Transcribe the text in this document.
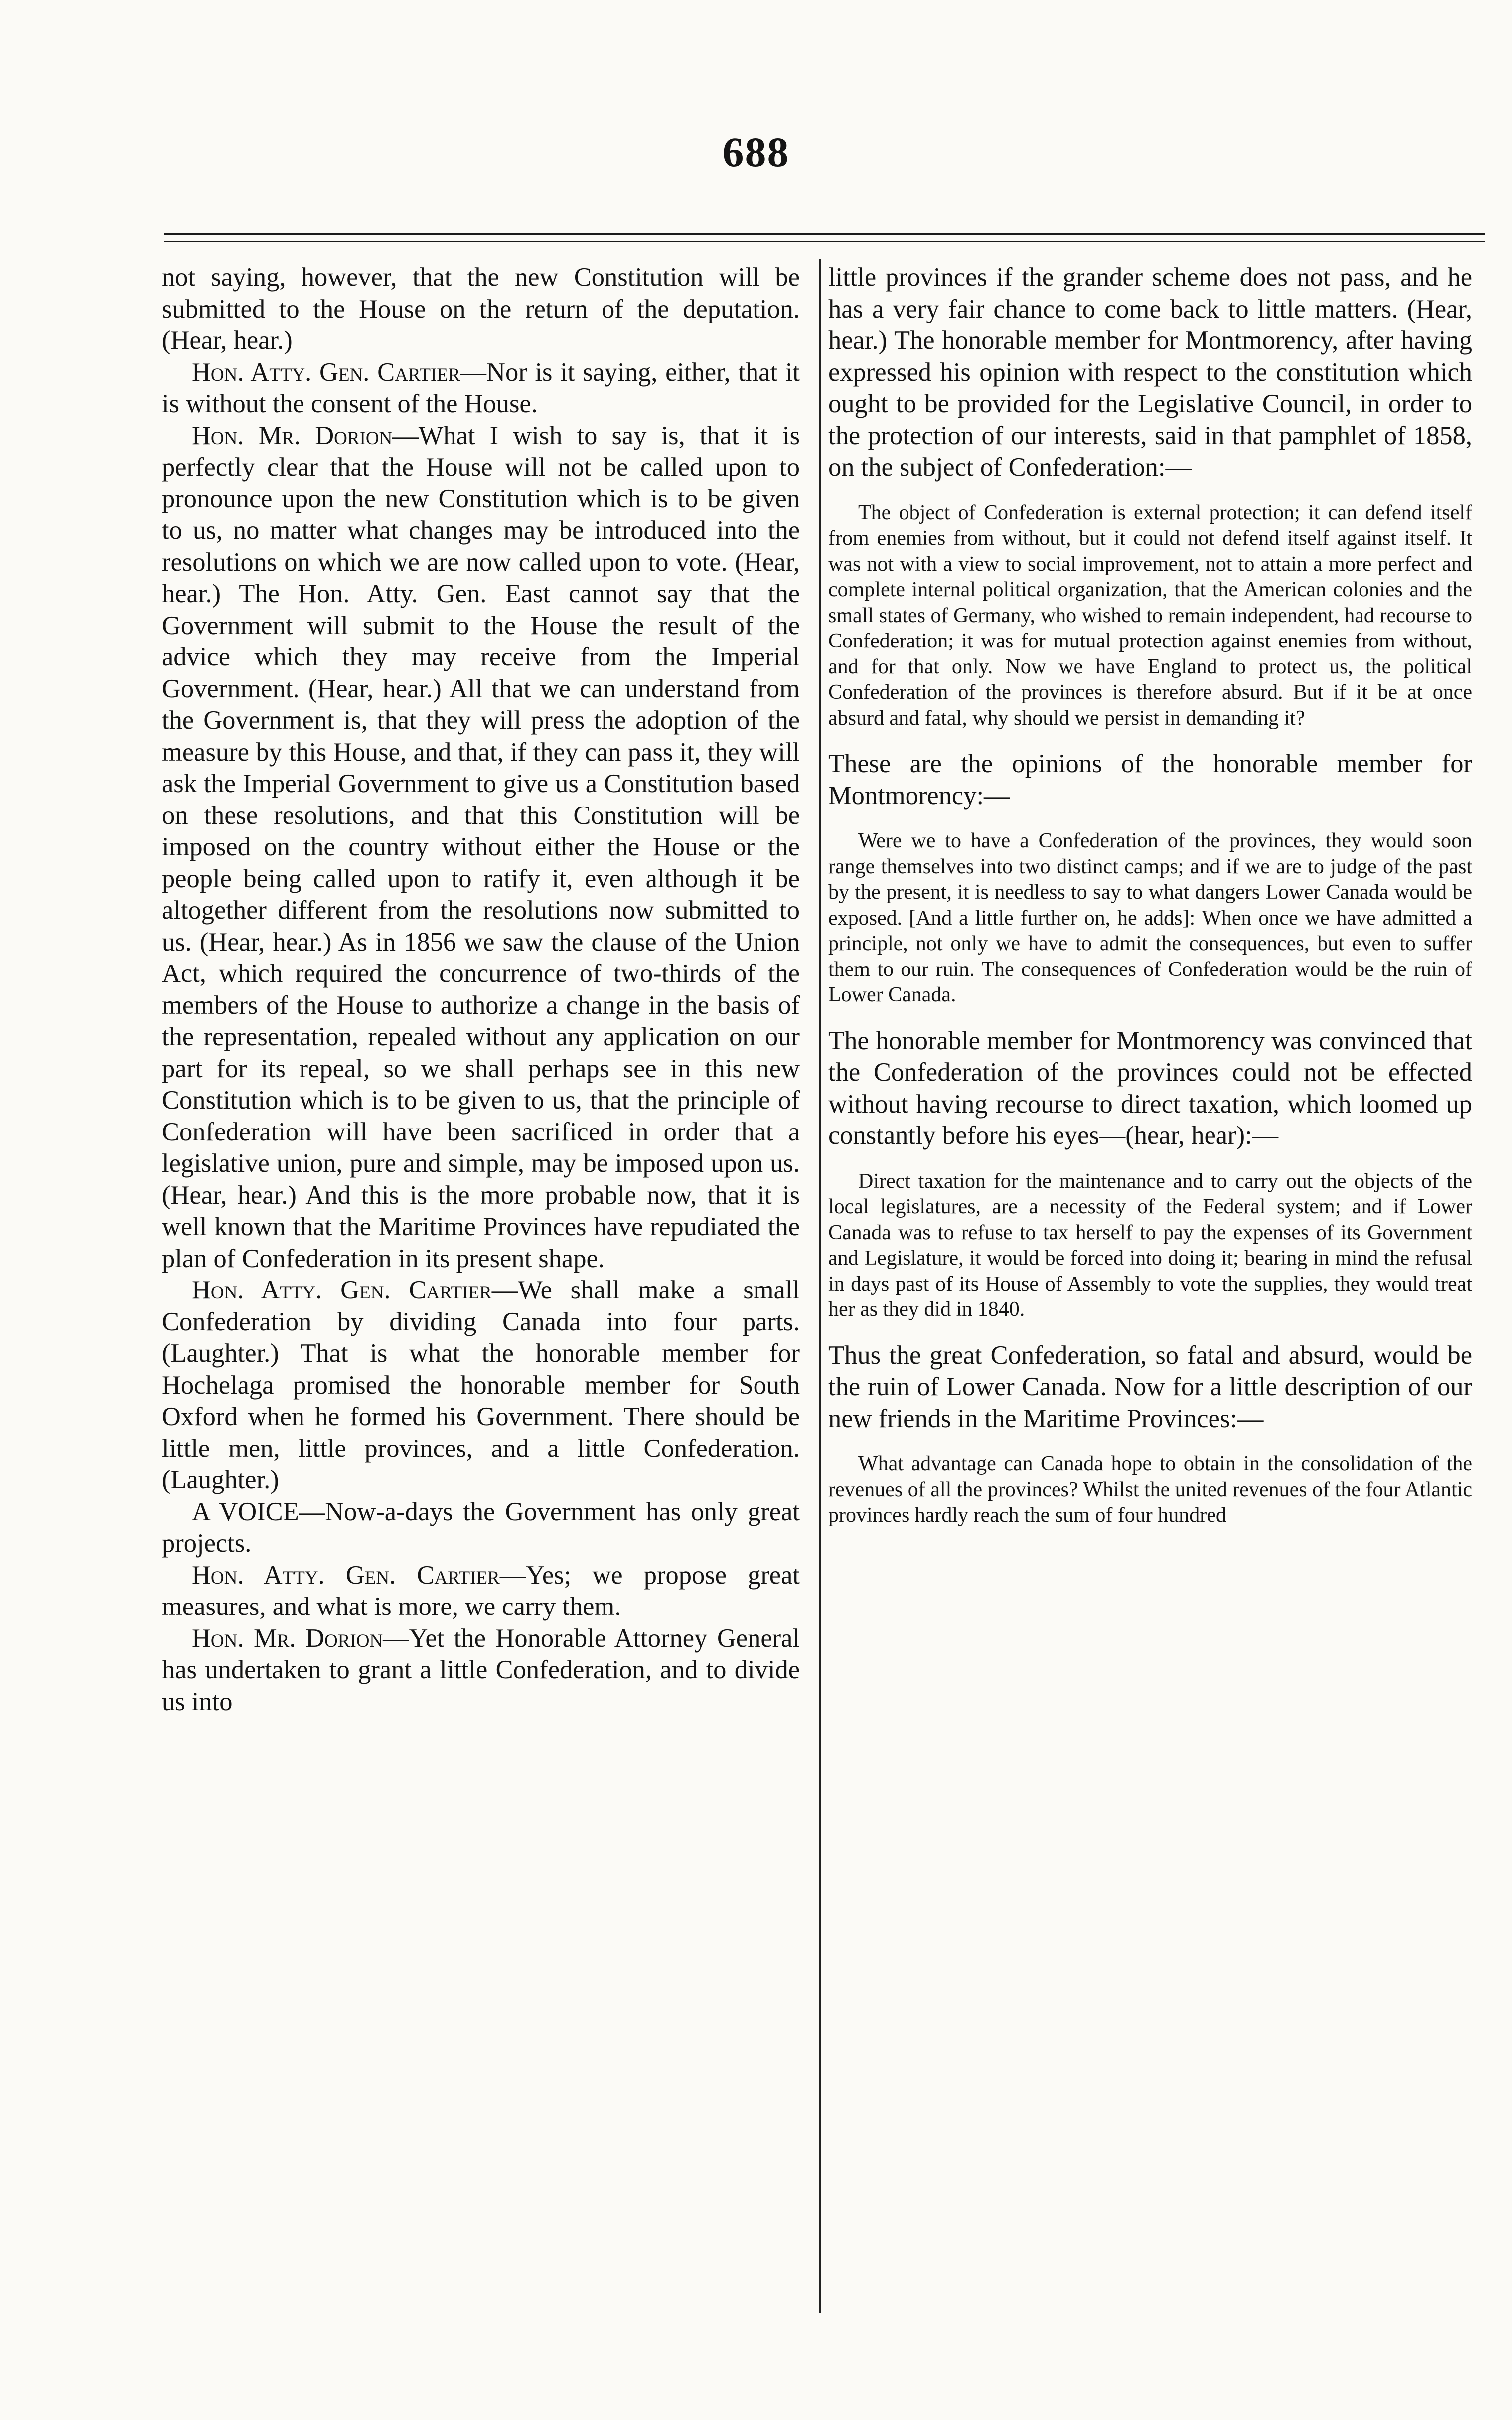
688

not saying, however, that the new Constitution will be submitted to the House on the return of the deputation. (Hear, hear.)

Hon. Atty. Gen. Cartier—Nor is it saying, either, that it is without the consent of the House.

Hon. Mr. Dorion—What I wish to say is, that it is perfectly clear that the House will not be called upon to pronounce upon the new Constitution which is to be given to us, no matter what changes may be introduced into the resolutions on which we are now called upon to vote. (Hear, hear.) The Hon. Atty. Gen. East cannot say that the Government will submit to the House the result of the advice which they may receive from the Imperial Government. (Hear, hear.) All that we can understand from the Government is, that they will press the adoption of the measure by this House, and that, if they can pass it, they will ask the Imperial Government to give us a Constitution based on these resolutions, and that this Constitution will be imposed on the country without either the House or the people being called upon to ratify it, even although it be altogether different from the resolutions now submitted to us. (Hear, hear.) As in 1856 we saw the clause of the Union Act, which required the concurrence of two-thirds of the members of the House to authorize a change in the basis of the representation, repealed without any application on our part for its repeal, so we shall perhaps see in this new Constitution which is to be given to us, that the principle of Confederation will have been sacrificed in order that a legislative union, pure and simple, may be imposed upon us. (Hear, hear.) And this is the more probable now, that it is well known that the Maritime Provinces have repudiated the plan of Confederation in its present shape.

Hon. Atty. Gen. Cartier—We shall make a small Confederation by dividing Canada into four parts. (Laughter.) That is what the honorable member for Hochelaga promised the honorable member for South Oxford when he formed his Government. There should be little men, little provinces, and a little Confederation. (Laughter.)

A VOICE—Now-a-days the Government has only great projects.

Hon. Atty. Gen. Cartier—Yes; we propose great measures, and what is more, we carry them.

Hon. Mr. Dorion—Yet the Honorable Attorney General has undertaken to grant a little Confederation, and to divide us into

little provinces if the grander scheme does not pass, and he has a very fair chance to come back to little matters. (Hear, hear.) The honorable member for Montmorency, after having expressed his opinion with respect to the constitution which ought to be provided for the Legislative Council, in order to the protection of our interests, said in that pamphlet of 1858, on the subject of Confederation:—

The object of Confederation is external protection; it can defend itself from enemies from without, but it could not defend itself against itself. It was not with a view to social improvement, not to attain a more perfect and complete internal political organization, that the American colonies and the small states of Germany, who wished to remain independent, had recourse to Confederation; it was for mutual protection against enemies from without, and for that only. Now we have England to protect us, the political Confederation of the provinces is therefore absurd. But if it be at once absurd and fatal, why should we persist in demanding it?

These are the opinions of the honorable member for Montmorency:—

Were we to have a Confederation of the provinces, they would soon range themselves into two distinct camps; and if we are to judge of the past by the present, it is needless to say to what dangers Lower Canada would be exposed. [And a little further on, he adds]: When once we have admitted a principle, not only we have to admit the consequences, but even to suffer them to our ruin. The consequences of Confederation would be the ruin of Lower Canada.

The honorable member for Montmorency was convinced that the Confederation of the provinces could not be effected without having recourse to direct taxation, which loomed up constantly before his eyes—(hear, hear):—

Direct taxation for the maintenance and to carry out the objects of the local legislatures, are a necessity of the Federal system; and if Lower Canada was to refuse to tax herself to pay the expenses of its Government and Legislature, it would be forced into doing it; bearing in mind the refusal in days past of its House of Assembly to vote the supplies, they would treat her as they did in 1840.

Thus the great Confederation, so fatal and absurd, would be the ruin of Lower Canada. Now for a little description of our new friends in the Maritime Provinces:—

What advantage can Canada hope to obtain in the consolidation of the revenues of all the provinces? Whilst the united revenues of the four Atlantic provinces hardly reach the sum of four hundred
